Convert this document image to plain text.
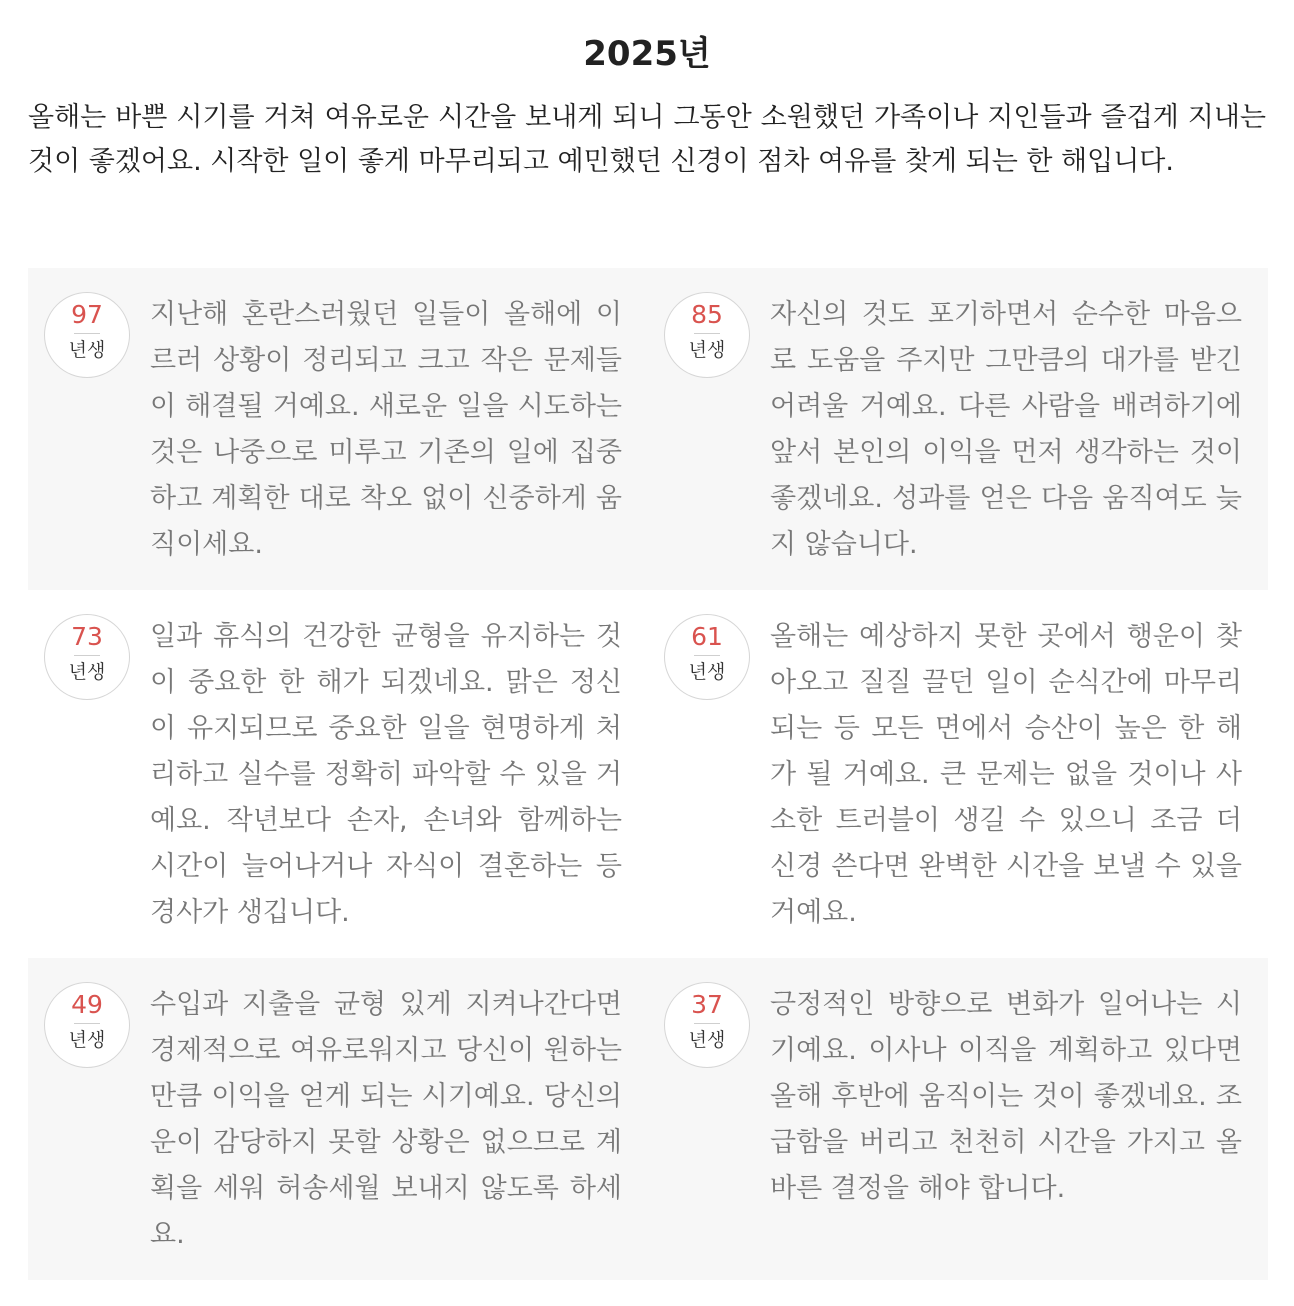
2025년

올해는 바쁜 시기를 거쳐 여유로운 시간을 보내게 되니 그동안 소원했던 가족이나 지인들과 즐겁게 지내는 것이 좋겠어요. 시작한 일이 좋게 마무리되고 예민했던 신경이 점차 여유를 찾게 되는 한 해입니다.

97
년생

지난해 혼란스러웠던 일들이 올해에 이르러 상황이 정리되고 크고 작은 문제들이 해결될 거예요. 새로운 일을 시도하는 것은 나중으로 미루고 기존의 일에 집중하고 계획한 대로 착오 없이 신중하게 움직이세요.

85
년생

자신의 것도 포기하면서 순수한 마음으로 도움을 주지만 그만큼의 대가를 받긴 어려울 거예요. 다른 사람을 배려하기에 앞서 본인의 이익을 먼저 생각하는 것이 좋겠네요. 성과를 얻은 다음 움직여도 늦지 않습니다.

73
년생

일과 휴식의 건강한 균형을 유지하는 것이 중요한 한 해가 되겠네요. 맑은 정신이 유지되므로 중요한 일을 현명하게 처리하고 실수를 정확히 파악할 수 있을 거예요. 작년보다 손자, 손녀와 함께하는 시간이 늘어나거나 자식이 결혼하는 등 경사가 생깁니다.

61
년생

올해는 예상하지 못한 곳에서 행운이 찾아오고 질질 끌던 일이 순식간에 마무리되는 등 모든 면에서 승산이 높은 한 해가 될 거예요. 큰 문제는 없을 것이나 사소한 트러블이 생길 수 있으니 조금 더 신경 쓴다면 완벽한 시간을 보낼 수 있을 거예요.

49
년생

수입과 지출을 균형 있게 지켜나간다면 경제적으로 여유로워지고 당신이 원하는 만큼 이익을 얻게 되는 시기예요. 당신의 운이 감당하지 못할 상황은 없으므로 계획을 세워 허송세월 보내지 않도록 하세요.

37
년생

긍정적인 방향으로 변화가 일어나는 시기예요. 이사나 이직을 계획하고 있다면 올해 후반에 움직이는 것이 좋겠네요. 조급함을 버리고 천천히 시간을 가지고 올바른 결정을 해야 합니다.
